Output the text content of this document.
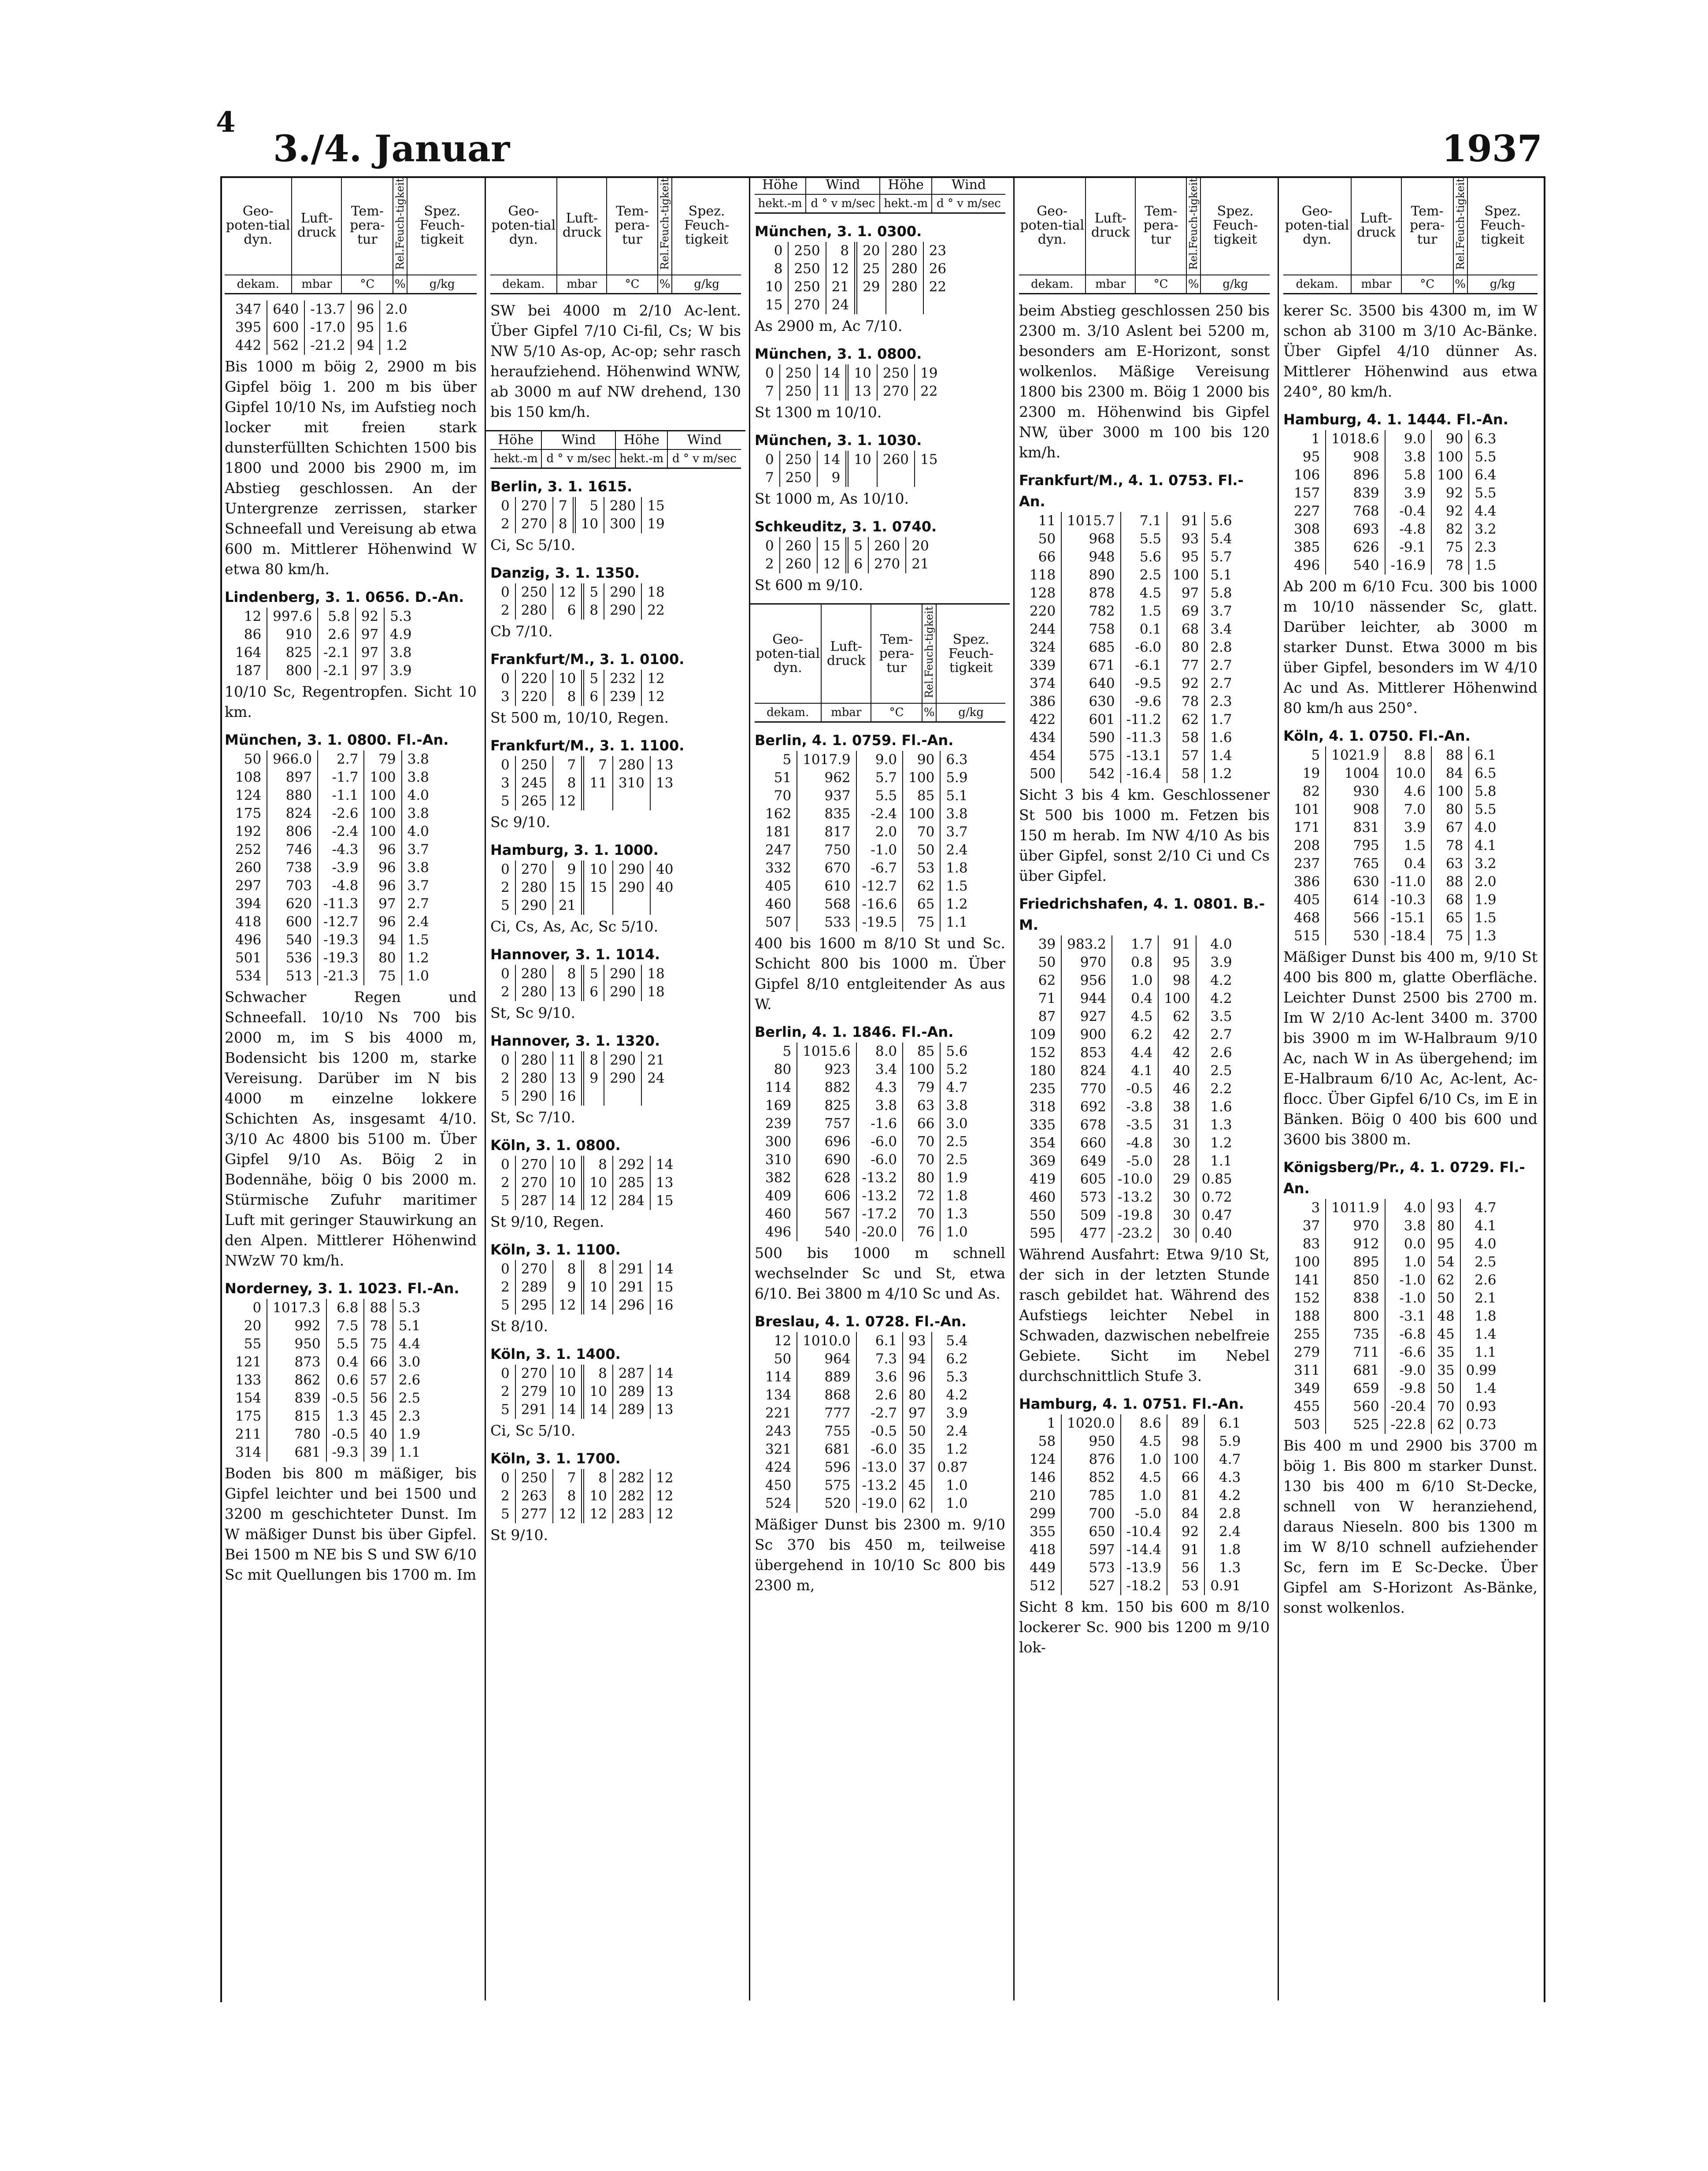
4
3./4. Januar	1937
Geo-poten-tial dyn.	Luft-druck	Tem-pera-tur	Rel.Feuch-tigkeit	Spez. Feuch-tigkeit
dekam.	mbar	°C	%	g/kg
347	640	-13.7	96	2.0
395	600	-17.0	95	1.6
442	562	-21.2	94	1.2

Bis 1000 m böig 2, 2900 m bis Gipfel böig 1. 200 m bis über Gipfel 10/10 Ns, im Aufstieg noch locker mit freien stark dunsterfüllten Schichten 1500 bis 1800 und 2000 bis 2900 m, im Abstieg geschlossen. An der Untergrenze zerrissen, starker Schneefall und Vereisung ab etwa 600 m. Mittlerer Höhenwind W etwa 80 km/h.

Lindenberg, 3. 1. 0656. D.-An.
12	997.6	5.8	92	5.3
86	910	2.6	97	4.9
164	825	-2.1	97	3.8
187	800	-2.1	97	3.9

10/10 Sc, Regentropfen. Sicht 10 km.

München, 3. 1. 0800. Fl.-An.
50	966.0	2.7	79	3.8
108	897	-1.7	100	3.8
124	880	-1.1	100	4.0
175	824	-2.6	100	3.8
192	806	-2.4	100	4.0
252	746	-4.3	96	3.7
260	738	-3.9	96	3.8
297	703	-4.8	96	3.7
394	620	-11.3	97	2.7
418	600	-12.7	96	2.4
496	540	-19.3	94	1.5
501	536	-19.3	80	1.2
534	513	-21.3	75	1.0

Schwacher Regen und Schneefall. 10/10 Ns 700 bis 2000 m, im S bis 4000 m, Bodensicht bis 1200 m, starke Vereisung. Darüber im N bis 4000 m einzelne lokkere Schichten As, insgesamt 4/10. 3/10 Ac 4800 bis 5100 m. Über Gipfel 9/10 As. Böig 2 in Bodennähe, böig 0 bis 2000 m. Stürmische Zufuhr maritimer Luft mit geringer Stauwirkung an den Alpen. Mittlerer Höhenwind NWzW 70 km/h.

Norderney, 3. 1. 1023. Fl.-An.
0	1017.3	6.8	88	5.3
20	992	7.5	78	5.1
55	950	5.5	75	4.4
121	873	0.4	66	3.0
133	862	0.6	57	2.6
154	839	-0.5	56	2.5
175	815	1.3	45	2.3
211	780	-0.5	40	1.9
314	681	-9.3	39	1.1

Boden bis 800 m mäßiger, bis Gipfel leichter und bei 1500 und 3200 m geschichteter Dunst. Im W mäßiger Dunst bis über Gipfel. Bei 1500 m NE bis S und SW 6/10 Sc mit Quellungen bis 1700 m. Im

Geo-poten-tial dyn.	Luft-druck	Tem-pera-tur	Rel.Feuch-tigkeit	Spez. Feuch-tigkeit
dekam.	mbar	°C	%	g/kg

SW bei 4000 m 2/10 Ac-lent. Über Gipfel 7/10 Ci-fil, Cs; W bis NW 5/10 As-op, Ac-op; sehr rasch heraufziehend. Höhenwind WNW, ab 3000 m auf NW drehend, 130 bis 150 km/h.

Höhe	Wind	Höhe	Wind
hekt.-m	d ° v m/sec	hekt.-m	d ° v m/sec
Berlin, 3. 1. 1615.
0	270	7	5	280	15
2	270	8	10	300	19

Ci, Sc 5/10.

Danzig, 3. 1. 1350.
0	250	12	5	290	18
2	280	6	8	290	22

Cb 7/10.

Frankfurt/M., 3. 1. 0100.
0	220	10	5	232	12
3	220	8	6	239	12

St 500 m, 10/10, Regen.

Frankfurt/M., 3. 1. 1100.
0	250	7	7	280	13
3	245	8	11	310	13
5	265	12			

Sc 9/10.

Hamburg, 3. 1. 1000.
0	270	9	10	290	40
2	280	15	15	290	40
5	290	21			

Ci, Cs, As, Ac, Sc 5/10.

Hannover, 3. 1. 1014.
0	280	8	5	290	18
2	280	13	6	290	18

St, Sc 9/10.

Hannover, 3. 1. 1320.
0	280	11	8	290	21
2	280	13	9	290	24
5	290	16			

St, Sc 7/10.

Köln, 3. 1. 0800.
0	270	10	8	292	14
2	270	10	10	285	13
5	287	14	12	284	15

St 9/10, Regen.

Köln, 3. 1. 1100.
0	270	8	8	291	14
2	289	9	10	291	15
5	295	12	14	296	16

St 8/10.

Köln, 3. 1. 1400.
0	270	10	8	287	14
2	279	10	10	289	13
5	291	14	14	289	13

Ci, Sc 5/10.

Köln, 3. 1. 1700.
0	250	7	8	282	12
2	263	8	10	282	12
5	277	12	12	283	12

St 9/10.

Höhe	Wind	Höhe	Wind
hekt.-m	d ° v m/sec	hekt.-m	d ° v m/sec
München, 3. 1. 0300.
0	250	8	20	280	23
8	250	12	25	280	26
10	250	21	29	280	22
15	270	24			

As 2900 m, Ac 7/10.

München, 3. 1. 0800.
0	250	14	10	250	19
7	250	11	13	270	22

St 1300 m 10/10.

München, 3. 1. 1030.
0	250	14	10	260	15
7	250	9			

St 1000 m, As 10/10.

Schkeuditz, 3. 1. 0740.
0	260	15	5	260	20
2	260	12	6	270	21

St 600 m 9/10.

Geo-poten-tial dyn.	Luft-druck	Tem-pera-tur	Rel.Feuch-tigkeit	Spez. Feuch-tigkeit
dekam.	mbar	°C	%	g/kg
Berlin, 4. 1. 0759. Fl.-An.
5	1017.9	9.0	90	6.3
51	962	5.7	100	5.9
70	937	5.5	85	5.1
162	835	-2.4	100	3.8
181	817	2.0	70	3.7
247	750	-1.0	50	2.4
332	670	-6.7	53	1.8
405	610	-12.7	62	1.5
460	568	-16.6	65	1.2
507	533	-19.5	75	1.1

400 bis 1600 m 8/10 St und Sc. Schicht 800 bis 1000 m. Über Gipfel 8/10 entgleitender As aus W.

Berlin, 4. 1. 1846. Fl.-An.
5	1015.6	8.0	85	5.6
80	923	3.4	100	5.2
114	882	4.3	79	4.7
169	825	3.8	63	3.8
239	757	-1.6	66	3.0
300	696	-6.0	70	2.5
310	690	-6.0	70	2.5
382	628	-13.2	80	1.9
409	606	-13.2	72	1.8
460	567	-17.2	70	1.3
496	540	-20.0	76	1.0

500 bis 1000 m schnell wechselnder Sc und St, etwa 6/10. Bei 3800 m 4/10 Sc und As.

Breslau, 4. 1. 0728. Fl.-An.
12	1010.0	6.1	93	5.4
50	964	7.3	94	6.2
114	889	3.6	96	5.3
134	868	2.6	80	4.2
221	777	-2.7	97	3.9
243	755	-0.5	50	2.4
321	681	-6.0	35	1.2
424	596	-13.0	37	0.87
450	575	-13.2	45	1.0
524	520	-19.0	62	1.0

Mäßiger Dunst bis 2300 m. 9/10 Sc 370 bis 450 m, teilweise übergehend in 10/10 Sc 800 bis 2300 m,

Geo-poten-tial dyn.	Luft-druck	Tem-pera-tur	Rel.Feuch-tigkeit	Spez. Feuch-tigkeit
dekam.	mbar	°C	%	g/kg

beim Abstieg geschlossen 250 bis 2300 m. 3/10 Aslent bei 5200 m, besonders am E-Horizont, sonst wolkenlos. Mäßige Vereisung 1800 bis 2300 m. Böig 1 2000 bis 2300 m. Höhenwind bis Gipfel NW, über 3000 m 100 bis 120 km/h.

Frankfurt/M., 4. 1. 0753. Fl.-An.
11	1015.7	7.1	91	5.6
50	968	5.5	93	5.4
66	948	5.6	95	5.7
118	890	2.5	100	5.1
128	878	4.5	97	5.8
220	782	1.5	69	3.7
244	758	0.1	68	3.4
324	685	-6.0	80	2.8
339	671	-6.1	77	2.7
374	640	-9.5	92	2.7
386	630	-9.6	78	2.3
422	601	-11.2	62	1.7
434	590	-11.3	58	1.6
454	575	-13.1	57	1.4
500	542	-16.4	58	1.2

Sicht 3 bis 4 km. Geschlossener St 500 bis 1000 m. Fetzen bis 150 m herab. Im NW 4/10 As bis über Gipfel, sonst 2/10 Ci und Cs über Gipfel.

Friedrichshafen, 4. 1. 0801. B.-M.
39	983.2	1.7	91	4.0
50	970	0.8	95	3.9
62	956	1.0	98	4.2
71	944	0.4	100	4.2
87	927	4.5	62	3.5
109	900	6.2	42	2.7
152	853	4.4	42	2.6
180	824	4.1	40	2.5
235	770	-0.5	46	2.2
318	692	-3.8	38	1.6
335	678	-3.5	31	1.3
354	660	-4.8	30	1.2
369	649	-5.0	28	1.1
419	605	-10.0	29	0.85
460	573	-13.2	30	0.72
550	509	-19.8	30	0.47
595	477	-23.2	30	0.40

Während Ausfahrt: Etwa 9/10 St, der sich in der letzten Stunde rasch gebildet hat. Während des Aufstiegs leichter Nebel in Schwaden, dazwischen nebelfreie Gebiete. Sicht im Nebel durchschnittlich Stufe 3.

Hamburg, 4. 1. 0751. Fl.-An.
1	1020.0	8.6	89	6.1
58	950	4.5	98	5.9
124	876	1.0	100	4.7
146	852	4.5	66	4.3
210	785	1.0	81	4.2
299	700	-5.0	84	2.8
355	650	-10.4	92	2.4
418	597	-14.4	91	1.8
449	573	-13.9	56	1.3
512	527	-18.2	53	0.91

Sicht 8 km. 150 bis 600 m 8/10 lockerer Sc. 900 bis 1200 m 9/10 lok-

Geo-poten-tial dyn.	Luft-druck	Tem-pera-tur	Rel.Feuch-tigkeit	Spez. Feuch-tigkeit
dekam.	mbar	°C	%	g/kg

kerer Sc. 3500 bis 4300 m, im W schon ab 3100 m 3/10 Ac-Bänke. Über Gipfel 4/10 dünner As. Mittlerer Höhenwind aus etwa 240°, 80 km/h.

Hamburg, 4. 1. 1444. Fl.-An.
1	1018.6	9.0	90	6.3
95	908	3.8	100	5.5
106	896	5.8	100	6.4
157	839	3.9	92	5.5
227	768	-0.4	92	4.4
308	693	-4.8	82	3.2
385	626	-9.1	75	2.3
496	540	-16.9	78	1.5

Ab 200 m 6/10 Fcu. 300 bis 1000 m 10/10 nässender Sc, glatt. Darüber leichter, ab 3000 m starker Dunst. Etwa 3000 m bis über Gipfel, besonders im W 4/10 Ac und As. Mittlerer Höhenwind 80 km/h aus 250°.

Köln, 4. 1. 0750. Fl.-An.
5	1021.9	8.8	88	6.1
19	1004	10.0	84	6.5
82	930	4.6	100	5.8
101	908	7.0	80	5.5
171	831	3.9	67	4.0
208	795	1.5	78	4.1
237	765	0.4	63	3.2
386	630	-11.0	88	2.0
405	614	-10.3	68	1.9
468	566	-15.1	65	1.5
515	530	-18.4	75	1.3

Mäßiger Dunst bis 400 m, 9/10 St 400 bis 800 m, glatte Oberfläche. Leichter Dunst 2500 bis 2700 m. Im W 2/10 Ac-lent 3400 m. 3700 bis 3900 m im W-Halbraum 9/10 Ac, nach W in As übergehend; im E-Halbraum 6/10 Ac, Ac-lent, Ac-flocc. Über Gipfel 6/10 Cs, im E in Bänken. Böig 0 400 bis 600 und 3600 bis 3800 m.

Königsberg/Pr., 4. 1. 0729. Fl.-An.
3	1011.9	4.0	93	4.7
37	970	3.8	80	4.1
83	912	0.0	95	4.0
100	895	1.0	54	2.5
141	850	-1.0	62	2.6
152	838	-1.0	50	2.1
188	800	-3.1	48	1.8
255	735	-6.8	45	1.4
279	711	-6.6	35	1.1
311	681	-9.0	35	0.99
349	659	-9.8	50	1.4
455	560	-20.4	70	0.93
503	525	-22.8	62	0.73

Bis 400 m und 2900 bis 3700 m böig 1. Bis 800 m starker Dunst. 130 bis 400 m 6/10 St-Decke, schnell von W heranziehend, daraus Nieseln. 800 bis 1300 m im W 8/10 schnell aufziehender Sc, fern im E Sc-Decke. Über Gipfel am S-Horizont As-Bänke, sonst wolkenlos.
